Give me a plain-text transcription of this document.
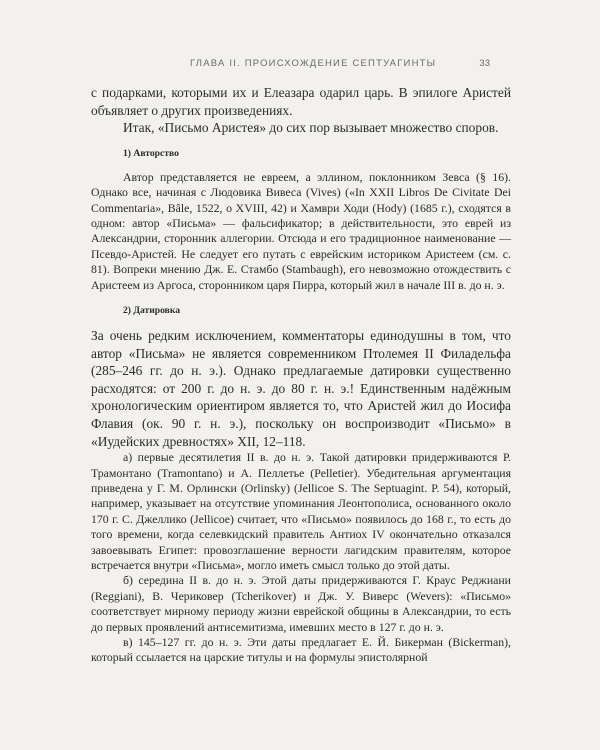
ГЛАВА II. ПРОИСХОЖДЕНИЕ СЕПТУАГИНТЫ	33

с подарками, которыми их и Елеазара одарил царь. В эпилоге Аристей объявляет о других произведениях.

Итак, «Письмо Аристея» до сих пор вызывает множество споров.

1) Авторство

Автор представляется не евреем, а эллином, поклонником Зевса (§ 16). Однако все, начиная с Людовика Вивеса (Vives) («In XXII Libros De Civitate Dei Commentaria», Bâle, 1522, о XVIII, 42) и Хамври Ходи (Hody) (1685 г.), сходятся в одном: автор «Письма» — фальсификатор; в действительности, это еврей из Александрии, сторонник аллегории. Отсюда и его традиционное наименование — Псевдо-Аристей. Не следует его путать с еврейским историком Аристеем (см. с. 81). Вопреки мнению Дж. Е. Стамбо (Stambaugh), его невозможно отождествить с Аристеем из Аргоса, сторонником царя Пирра, который жил в начале III в. до н. э.

2) Датировка

За очень редким исключением, комментаторы единодушны в том, что автор «Письма» не является современником Птолемея II Филадельфа (285–246 гг. до н. э.). Однако предлагаемые датировки существенно расходятся: от 200 г. до н. э. до 80 г. н. э.! Единственным надёжным хронологическим ориентиром является то, что Аристей жил до Иосифа Флавия (ок. 90 г. н. э.), поскольку он воспроизводит «Письмо» в «Иудейских древностях» XII, 12–118.

а) первые десятилетия II в. до н. э. Такой датировки придерживаются Р. Трамонтано (Tramontano) и А. Пеллетье (Pelletier). Убедительная аргументация приведена у Г. М. Орлински (Orlinsky) (Jellicoe S. The Septuagint. P. 54), который, например, указывает на отсутствие упоминания Леонтополиса, основанного около 170 г. С. Джеллико (Jellicoe) считает, что «Письмо» появилось до 168 г., то есть до того времени, когда селевкидский правитель Антиох IV окончательно отказался завоевывать Египет: провозглашение верности лагидским правителям, которое встречается внутри «Письма», могло иметь смысл только до этой даты.

б) середина II в. до н. э. Этой даты придерживаются Г. Краус Реджиани (Reggiani), В. Чериковер (Tcherikover) и Дж. У. Виверс (Wevers): «Письмо» соответствует мирному периоду жизни еврейской общины в Александрии, то есть до первых проявлений антисемитизма, имевших место в 127 г. до н. э.

в) 145–127 гг. до н. э. Эти даты предлагает Е. Й. Бикерман (Bickerman), который ссылается на царские титулы и на формулы эпистолярной
